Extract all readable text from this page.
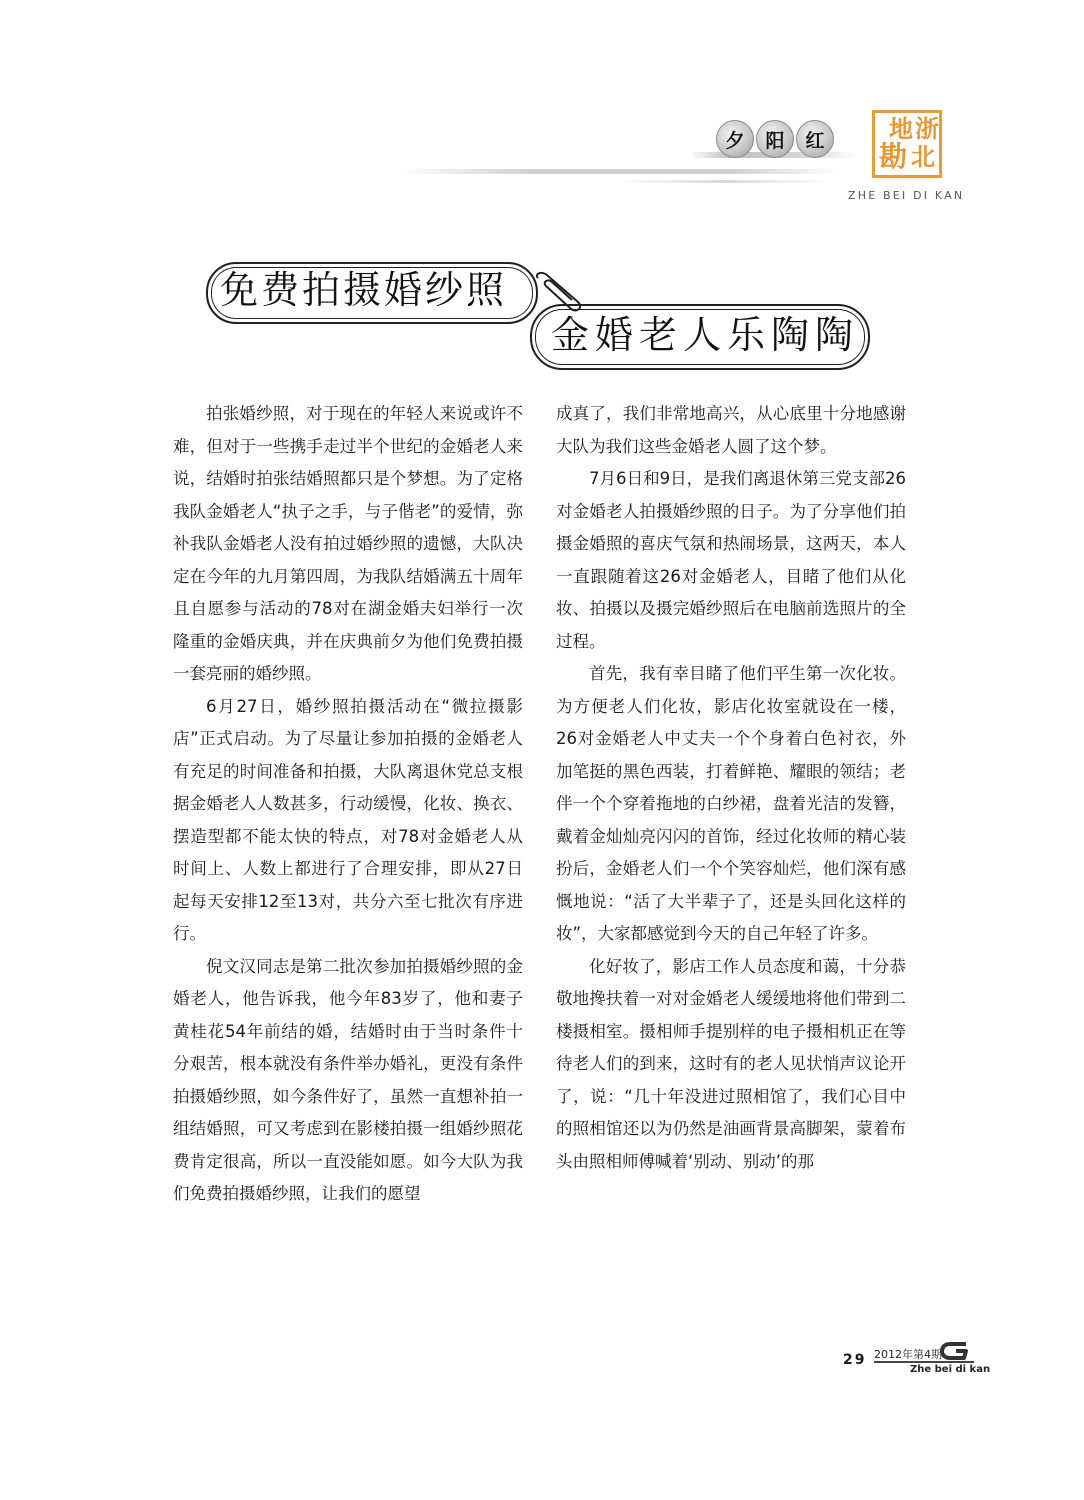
夕	阳	红	地 浙
勘 北
ZHE BEI DI KAN
免费拍摄婚纱照
金婚老人乐陶陶

拍张婚纱照，对于现在的年轻人来说或许不难，但对于一些携手走过半个世纪的金婚老人来说，结婚时拍张结婚照都只是个梦想。为了定格我队金婚老人“执子之手，与子偕老”的爱情，弥补我队金婚老人没有拍过婚纱照的遗憾，大队决定在今年的九月第四周，为我队结婚满五十周年且自愿参与活动的78对在湖金婚夫妇举行一次隆重的金婚庆典，并在庆典前夕为他们免费拍摄一套亮丽的婚纱照。

6月27日，婚纱照拍摄活动在“微拉摄影店”正式启动。为了尽量让参加拍摄的金婚老人有充足的时间准备和拍摄，大队离退休党总支根据金婚老人人数甚多，行动缓慢，化妆、换衣、摆造型都不能太快的特点，对78对金婚老人从时间上、人数上都进行了合理安排，即从27日起每天安排12至13对，共分六至七批次有序进行。

倪文汉同志是第二批次参加拍摄婚纱照的金婚老人，他告诉我，他今年83岁了，他和妻子黄桂花54年前结的婚，结婚时由于当时条件十分艰苦，根本就没有条件举办婚礼，更没有条件拍摄婚纱照，如今条件好了，虽然一直想补拍一组结婚照，可又考虑到在影楼拍摄一组婚纱照花费肯定很高，所以一直没能如愿。如今大队为我们免费拍摄婚纱照，让我们的愿望

成真了，我们非常地高兴，从心底里十分地感谢大队为我们这些金婚老人圆了这个梦。

7月6日和9日，是我们离退休第三党支部26对金婚老人拍摄婚纱照的日子。为了分享他们拍摄金婚照的喜庆气氛和热闹场景，这两天，本人一直跟随着这26对金婚老人，目睹了他们从化妆、拍摄以及摄完婚纱照后在电脑前选照片的全过程。

首先，我有幸目睹了他们平生第一次化妆。为方便老人们化妆，影店化妆室就设在一楼，26对金婚老人中丈夫一个个身着白色衬衣，外加笔挺的黑色西装，打着鲜艳、耀眼的领结；老伴一个个穿着拖地的白纱裙，盘着光洁的发簪，戴着金灿灿亮闪闪的首饰，经过化妆师的精心装扮后，金婚老人们一个个笑容灿烂，他们深有感慨地说：“活了大半辈子了，还是头回化这样的妆”，大家都感觉到今天的自己年轻了许多。

化好妆了，影店工作人员态度和蔼，十分恭敬地搀扶着一对对金婚老人缓缓地将他们带到二楼摄相室。摄相师手提别样的电子摄相机正在等待老人们的到来，这时有的老人见状悄声议论开了，说：“几十年没进过照相馆了，我们心目中的照相馆还以为仍然是油画背景高脚架，蒙着布头由照相师傅喊着‘别动、别动’的那

29 2012年第4期
Zhe bei di kan
